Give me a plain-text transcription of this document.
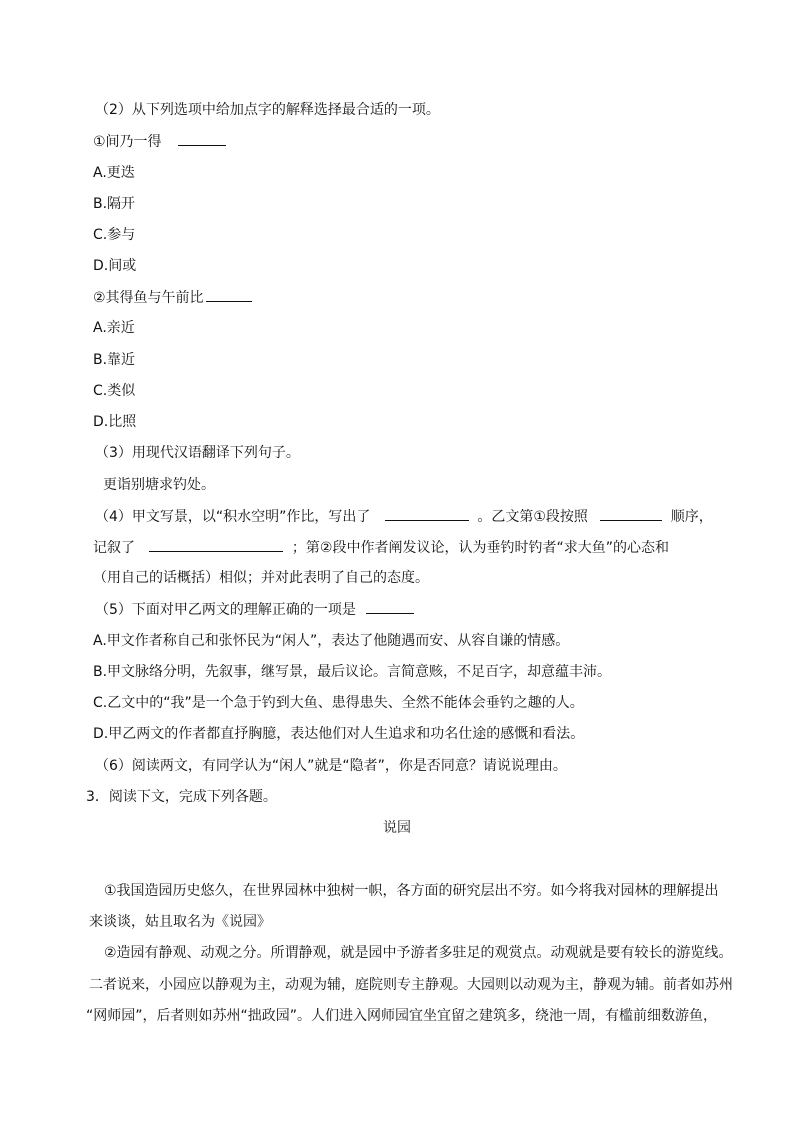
（2）从下列选项中给加点字的解释选择最合适的一项。
①间乃一得
A.更迭
B.隔开
C.参与
D.间或
②其得鱼与午前比
A.亲近
B.靠近
C.类似
D.比照
（3）用现代汉语翻译下列句子。
更诣别塘求钓处。
（4）甲文写景，以“积水空明”作比，写出了	。乙文第①段按照	顺序，
记叙了	；第②段中作者阐发议论，认为垂钓时钓者“求大鱼”的心态和
（用自己的话概括）相似；并对此表明了自己的态度。
（5）下面对甲乙两文的理解正确的一项是
A.甲文作者称自己和张怀民为“闲人”，表达了他随遇而安、从容自谦的情感。
B.甲文脉络分明，先叙事，继写景，最后议论。言简意赅，不足百字，却意蕴丰沛。
C.乙文中的“我”是一个急于钓到大鱼、患得患失、全然不能体会垂钓之趣的人。
D.甲乙两文的作者都直抒胸臆，表达他们对人生追求和功名仕途的感慨和看法。
（6）阅读两文，有同学认为“闲人”就是“隐者”，你是否同意？请说说理由。
3．阅读下文，完成下列各题。
说园
①我国造园历史悠久，在世界园林中独树一帜，各方面的研究层出不穷。如今将我对园林的理解提出
来谈谈，姑且取名为《说园》
②造园有静观、动观之分。所谓静观，就是园中予游者多驻足的观赏点。动观就是要有较长的游览线。
二者说来，小园应以静观为主，动观为辅，庭院则专主静观。大园则以动观为主，静观为辅。前者如苏州
“网师园”，后者则如苏州“拙政园”。人们进入网师园宜坐宜留之建筑多，绕池一周，有槛前细数游鱼，
